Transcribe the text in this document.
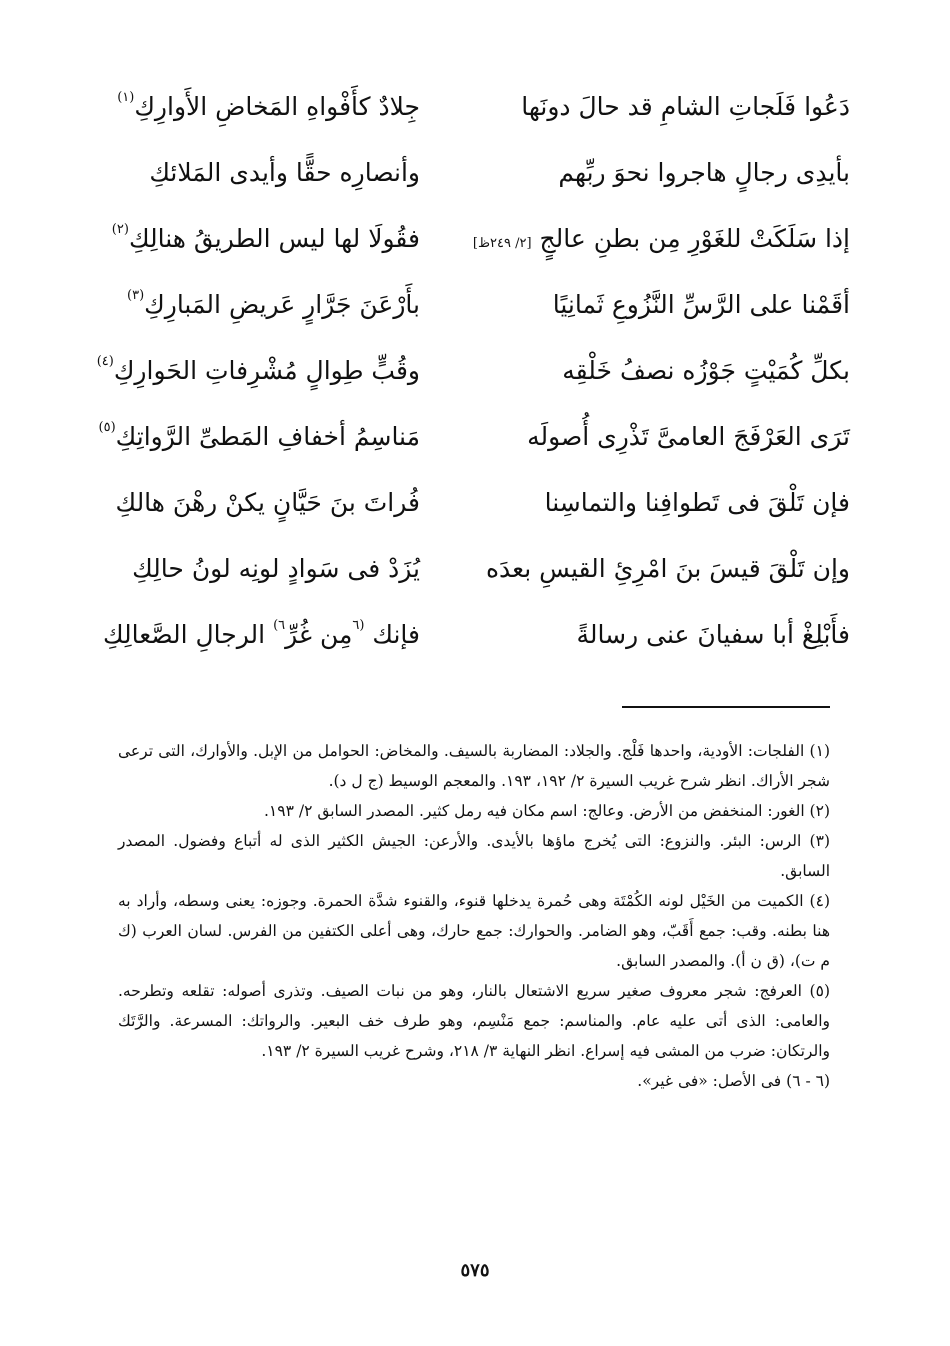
دَعُوا فَلَجاتِ الشامِ قد حالَ دونَها
جِلادٌ كأَفْواهِ المَخاضِ الأَوارِكِ$^{(١)}$
بأيدِى رجالٍ هاجروا نحوَ ربِّهم
وأنصارِه حقًّا وأيدى المَلائكِ
إذا سَلَكَتْ للغَوْرِ مِن بطنِ عالجٍ [٢/ ٢٤٩ظ]
فقُولَا لها ليس الطريقُ هنالِكِ$^{(٢)}$
أقَمْنا على الرَّسِّ النَّزُوعِ ثَمانِيًا
بأَرْعَنَ جَرَّارٍ عَريضِ المَبارِكِ$^{(٣)}$
بكلِّ كُمَيْتٍ جَوْزُه نصفُ خَلْقِه
وقُبٍّ طِوالٍ مُشْرِفاتِ الحَوارِكِ$^{(٤)}$
تَرَى العَرْفَجَ العامىَّ تَذْرِى أُصولَه
مَناسِمُ أخفافِ المَطىِّ الرَّواتِكِ$^{(٥)}$
فإن تَلْقَ فى تَطوافِنا والتماسِنا
فُراتَ بنَ حَيَّانٍ يكنْ رهْنَ هالكِ
وإن تَلْقَ قيسَ بنَ امْرِئِ القيسِ بعدَه
يُزَدْ فى سَوادٍ لونِه لونُ حالِكِ
فأَبْلِغْ أبا سفيانَ عنى رسالةً
فإنك $^{(٦}$مِن غُرِّ$^{٦)}$ الرجالِ الصَّعالِكِ

(١) الفلجات: الأودية، واحدها فَلْج. والجلاد: المضاربة بالسيف. والمخاض: الحوامل من الإبل. والأوارك، التى ترعى شجر الأراك. انظر شرح غريب السيرة ٢/ ١٩٢، ١٩٣. والمعجم الوسيط (ج ل د).

(٢) الغور: المنخفض من الأرض. وعالج: اسم مكان فيه رمل كثير. المصدر السابق ٢/ ١٩٣.

(٣) الرس: البئر. والنزوع: التى يُخرج ماؤها بالأيدى. والأرعن: الجيش الكثير الذى له أتباع وفضول. المصدر السابق.

(٤) الكميت من الخَيْل لونه الكُمْتَة وهى حُمرة يدخلها قنوء، والقنوء شدَّة الحمرة. وجوزه: يعنى وسطه، وأراد به هنا بطنه. وقب: جمع أَقَبّ، وهو الضامر. والحوارك: جمع حارك، وهى أعلى الكتفين من الفرس. لسان العرب (ك م ت)، (ق ن أ). والمصدر السابق.

(٥) العرفج: شجر معروف صغير سريع الاشتعال بالنار، وهو من نبات الصيف. وتذرى أصوله: تقلعه وتطرحه. والعامى: الذى أتى عليه عام. والمناسم: جمع مَنْسِم، وهو طرف خف البعير. والرواتك: المسرعة. والرَّتَك والرتكان: ضرب من المشى فيه إسراع. انظر النهاية ٣/ ٢١٨، وشرح غريب السيرة ٢/ ١٩٣.

(٦ - ٦) فى الأصل: «فى غير».

٥٧٥
